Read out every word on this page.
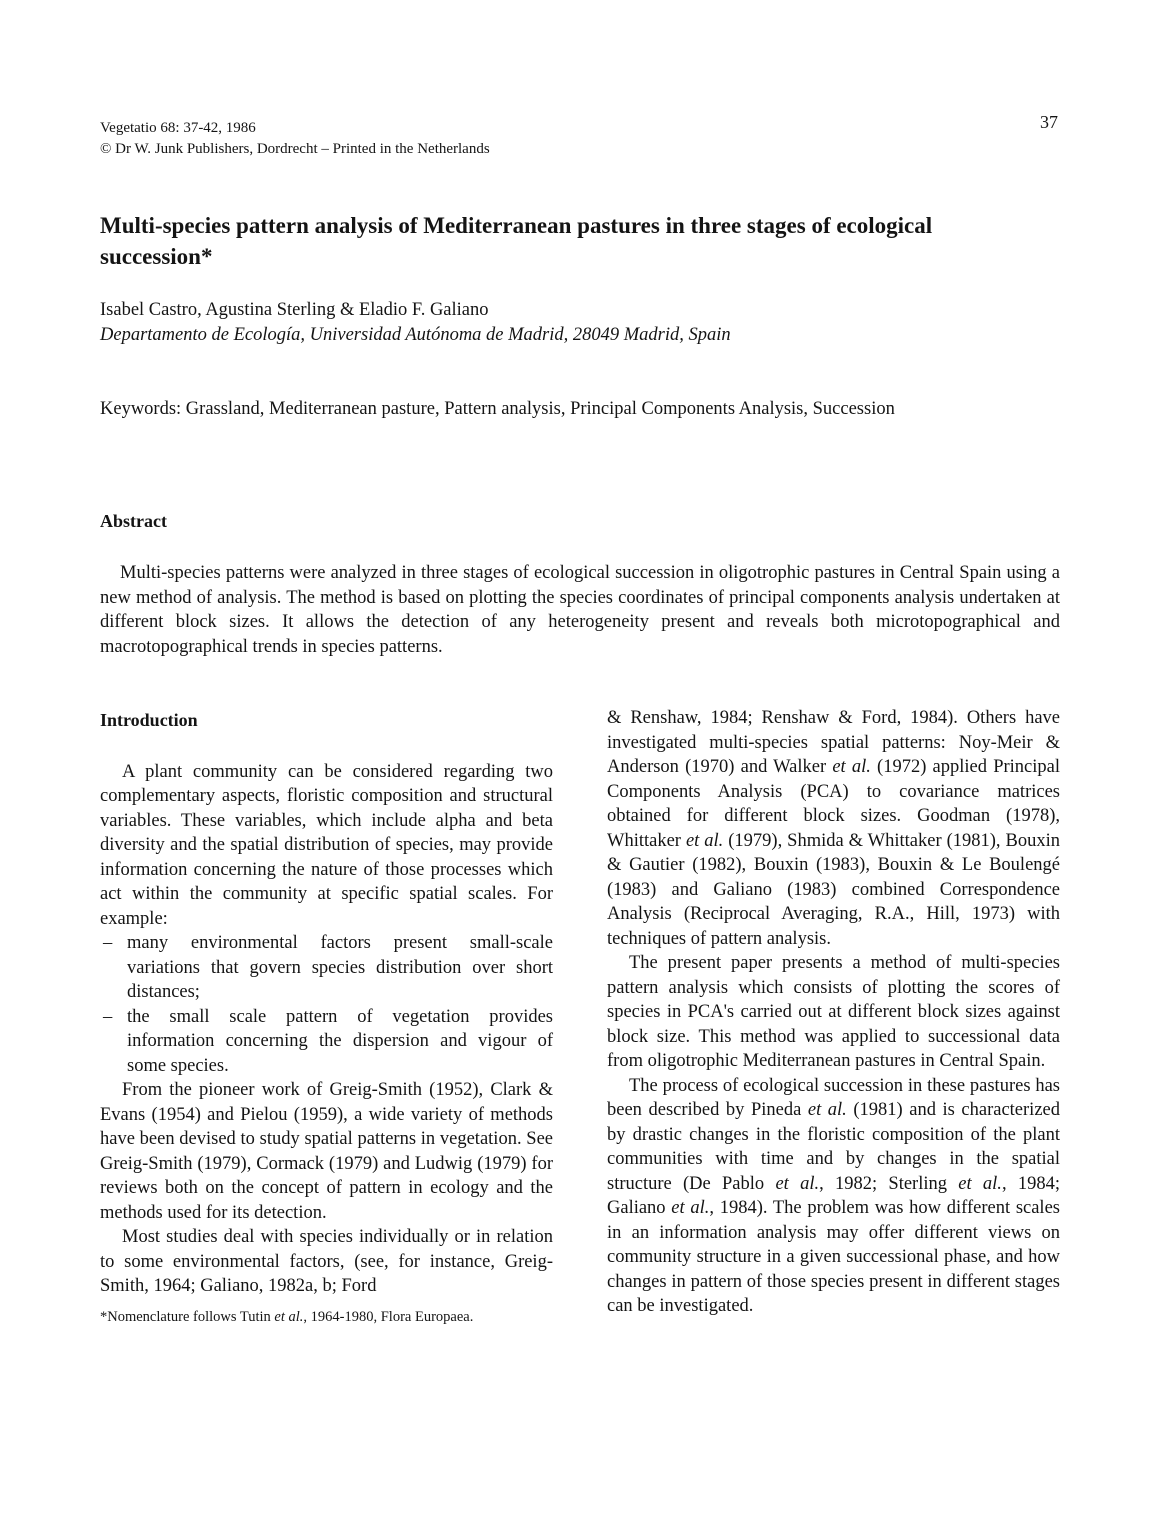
Vegetatio 68: 37-42, 1986
© Dr W. Junk Publishers, Dordrecht – Printed in the Netherlands
37
Multi-species pattern analysis of Mediterranean pastures in three stages of ecological succession*
Isabel Castro, Agustina Sterling & Eladio F. Galiano
Departamento de Ecología, Universidad Autónoma de Madrid, 28049 Madrid, Spain
Keywords: Grassland, Mediterranean pasture, Pattern analysis, Principal Components Analysis, Succession
Abstract
Multi-species patterns were analyzed in three stages of ecological succession in oligotrophic pastures in Central Spain using a new method of analysis. The method is based on plotting the species coordinates of principal components analysis undertaken at different block sizes. It allows the detection of any heterogeneity present and reveals both microtopographical and macrotopographical trends in species patterns.
Introduction

A plant community can be considered regarding two complementary aspects, floristic composition and structural variables. These variables, which include alpha and beta diversity and the spatial distribution of species, may provide information concerning the nature of those processes which act within the community at specific spatial scales. For example:

– many environmental factors present small-scale variations that govern species distribution over short distances;
– the small scale pattern of vegetation provides information concerning the dispersion and vigour of some species.

From the pioneer work of Greig-Smith (1952), Clark & Evans (1954) and Pielou (1959), a wide variety of methods have been devised to study spatial patterns in vegetation. See Greig-Smith (1979), Cormack (1979) and Ludwig (1979) for reviews both on the concept of pattern in ecology and the methods used for its detection.

Most studies deal with species individually or in relation to some environmental factors, (see, for instance, Greig-Smith, 1964; Galiano, 1982a, b; Ford

*Nomenclature follows Tutin et al., 1964-1980, Flora Europaea.

& Renshaw, 1984; Renshaw & Ford, 1984). Others have investigated multi-species spatial patterns: Noy-Meir & Anderson (1970) and Walker et al. (1972) applied Principal Components Analysis (PCA) to covariance matrices obtained for different block sizes. Goodman (1978), Whittaker et al. (1979), Shmida & Whittaker (1981), Bouxin & Gautier (1982), Bouxin (1983), Bouxin & Le Boulengé (1983) and Galiano (1983) combined Correspondence Analysis (Reciprocal Averaging, R.A., Hill, 1973) with techniques of pattern analysis.

The present paper presents a method of multi-species pattern analysis which consists of plotting the scores of species in PCA's carried out at different block sizes against block size. This method was applied to successional data from oligotrophic Mediterranean pastures in Central Spain.

The process of ecological succession in these pastures has been described by Pineda et al. (1981) and is characterized by drastic changes in the floristic composition of the plant communities with time and by changes in the spatial structure (De Pablo et al., 1982; Sterling et al., 1984; Galiano et al., 1984). The problem was how different scales in an information analysis may offer different views on community structure in a given successional phase, and how changes in pattern of those species present in different stages can be investigated.
